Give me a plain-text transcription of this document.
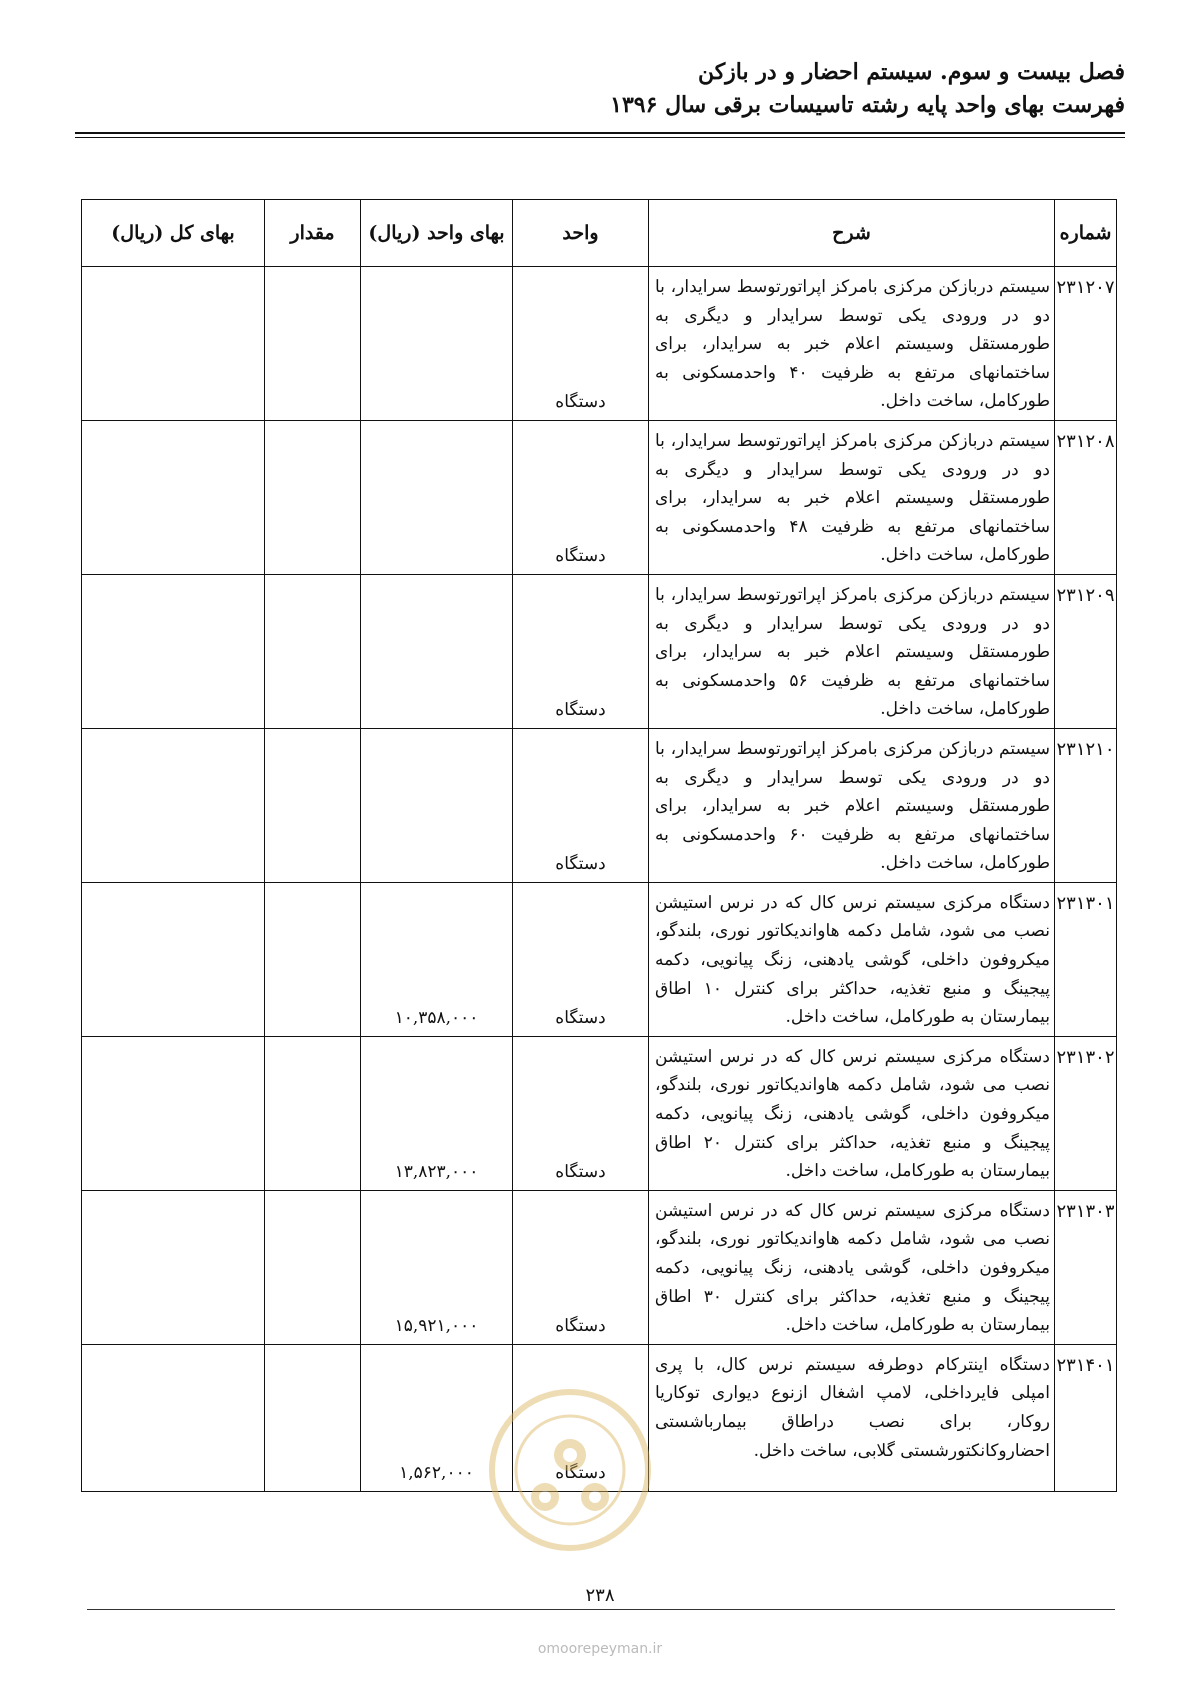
فصل بیست و سوم. سیستم احضار و در بازکن
فهرست بهای واحد پایه رشته تاسیسات برقی سال ۱۳۹۶
شماره	شرح	واحد	بهای واحد (ریال)	مقدار	بهای کل (ریال)
۲۳۱۲۰۷	سیستم دربازکن مرکزی بامرکز اپراتورتوسط سرایدار، با دو در ورودی یکی توسط سرایدار و دیگری به طورمستقل وسیستم اعلام خبر به سرایدار، برای ساختمانهای مرتفع به ظرفیت ۴۰ واحدمسکونی به طورکامل، ساخت داخل.	دستگاه			
۲۳۱۲۰۸	سیستم دربازکن مرکزی بامرکز اپراتورتوسط سرایدار، با دو در ورودی یکی توسط سرایدار و دیگری به طورمستقل وسیستم اعلام خبر به سرایدار، برای ساختمانهای مرتفع به ظرفیت ۴۸ واحدمسکونی به طورکامل، ساخت داخل.	دستگاه			
۲۳۱۲۰۹	سیستم دربازکن مرکزی بامرکز اپراتورتوسط سرایدار، با دو در ورودی یکی توسط سرایدار و دیگری به طورمستقل وسیستم اعلام خبر به سرایدار، برای ساختمانهای مرتفع به ظرفیت ۵۶ واحدمسکونی به طورکامل، ساخت داخل.	دستگاه			
۲۳۱۲۱۰	سیستم دربازکن مرکزی بامرکز اپراتورتوسط سرایدار، با دو در ورودی یکی توسط سرایدار و دیگری به طورمستقل وسیستم اعلام خبر به سرایدار، برای ساختمانهای مرتفع به ظرفیت ۶۰ واحدمسکونی به طورکامل، ساخت داخل.	دستگاه			
۲۳۱۳۰۱	دستگاه مرکزی سیستم نرس کال که در نرس استیشن نصب می شود، شامل دکمه هاواندیکاتور نوری، بلندگو، میکروفون داخلی، گوشی یادهنی، زنگ پیانویی، دکمه پیجینگ و منبع تغذیه، حداکثر برای کنترل ۱۰ اطاق بیمارستان به طورکامل، ساخت داخل.	دستگاه	۱۰,۳۵۸,۰۰۰		
۲۳۱۳۰۲	دستگاه مرکزی سیستم نرس کال که در نرس استیشن نصب می شود، شامل دکمه هاواندیکاتور نوری، بلندگو، میکروفون داخلی، گوشی یادهنی، زنگ پیانویی، دکمه پیجینگ و منبع تغذیه، حداکثر برای کنترل ۲۰ اطاق بیمارستان به طورکامل، ساخت داخل.	دستگاه	۱۳,۸۲۳,۰۰۰		
۲۳۱۳۰۳	دستگاه مرکزی سیستم نرس کال که در نرس استیشن نصب می شود، شامل دکمه هاواندیکاتور نوری، بلندگو، میکروفون داخلی، گوشی یادهنی، زنگ پیانویی، دکمه پیجینگ و منبع تغذیه، حداکثر برای کنترل ۳۰ اطاق بیمارستان به طورکامل، ساخت داخل.	دستگاه	۱۵,۹۲۱,۰۰۰		
۲۳۱۴۰۱	دستگاه اینترکام دوطرفه سیستم نرس کال، با پری امپلی فایرداخلی، لامپ اشغال ازنوع دیواری توکاریا روکار، برای نصب دراطاق بیمارباشستی احضاروکانکتورشستی گلابی، ساخت داخل.	دستگاه	۱,۵۶۲,۰۰۰		
۲۳۸
omoorepeyman.ir
